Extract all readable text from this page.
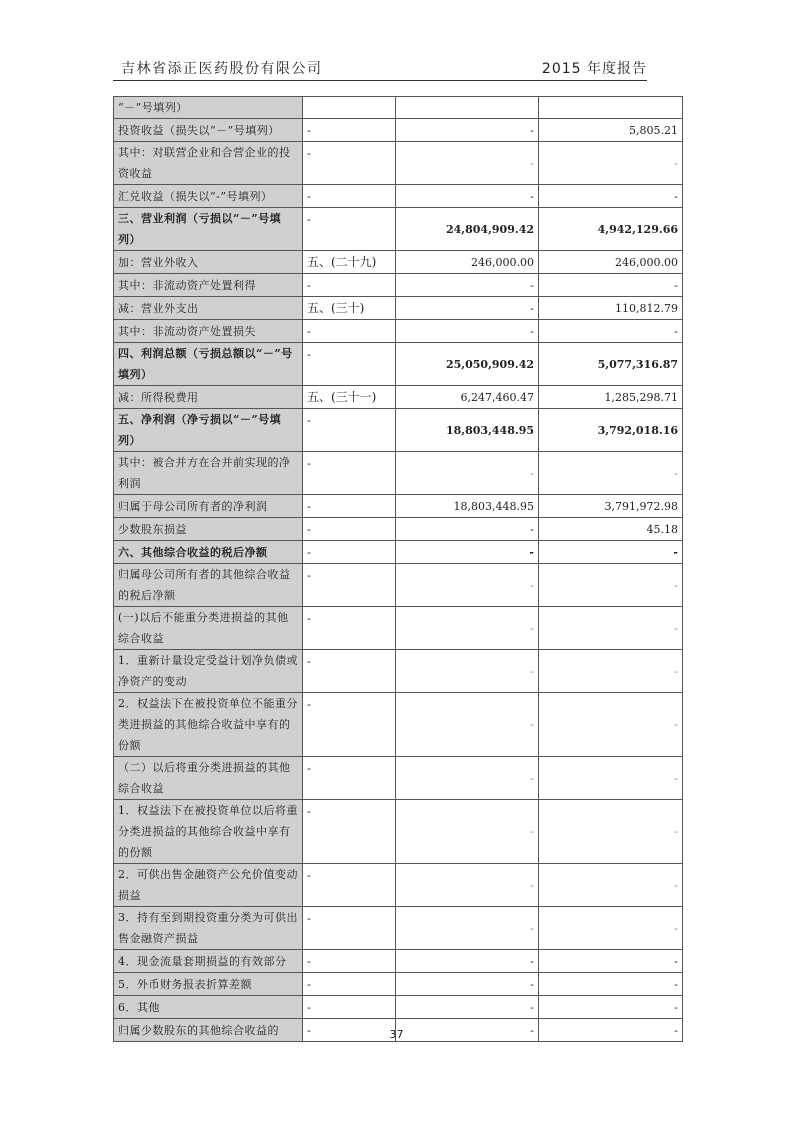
吉林省添正医药股份有限公司	2015 年度报告
“－”号填列）			
投资收益（损失以“－”号填列）	-	-	5,805.21
其中：对联营企业和合营企业的投资收益	-	-	-
汇兑收益（损失以“-”号填列）	-	-	-
三、营业利润（亏损以“－”号填列）	-	24,804,909.42	4,942,129.66
加：营业外收入	五、(二十九)	246,000.00	246,000.00
其中：非流动资产处置利得	-	-	-
减：营业外支出	五、(三十)	-	110,812.79
其中：非流动资产处置损失	-	-	-
四、利润总额（亏损总额以“－”号填列）	-	25,050,909.42	5,077,316.87
减：所得税费用	五、(三十一)	6,247,460.47	1,285,298.71
五、净利润（净亏损以“－”号填列）	-	18,803,448.95	3,792,018.16
其中：被合并方在合并前实现的净利润	-	-	-
归属于母公司所有者的净利润	-	18,803,448.95	3,791,972.98
少数股东损益	-	-	45.18
六、其他综合收益的税后净额	-	-	-
归属母公司所有者的其他综合收益的税后净额	-	-	-
(一)以后不能重分类进损益的其他综合收益	-	-	-
1．重新计量设定受益计划净负债或净资产的变动	-	-	-
2．权益法下在被投资单位不能重分类进损益的其他综合收益中享有的份额	-	-	-
（二）以后将重分类进损益的其他综合收益	-	-	-
1．权益法下在被投资单位以后将重分类进损益的其他综合收益中享有的份额	-	-	-
2．可供出售金融资产公允价值变动损益	-	-	-
3．持有至到期投资重分类为可供出售金融资产损益	-	-	-
4．现金流量套期损益的有效部分	-	-	-
5．外币财务报表折算差额	-	-	-
6．其他	-	-	-
归属少数股东的其他综合收益的	-	-	-
37
